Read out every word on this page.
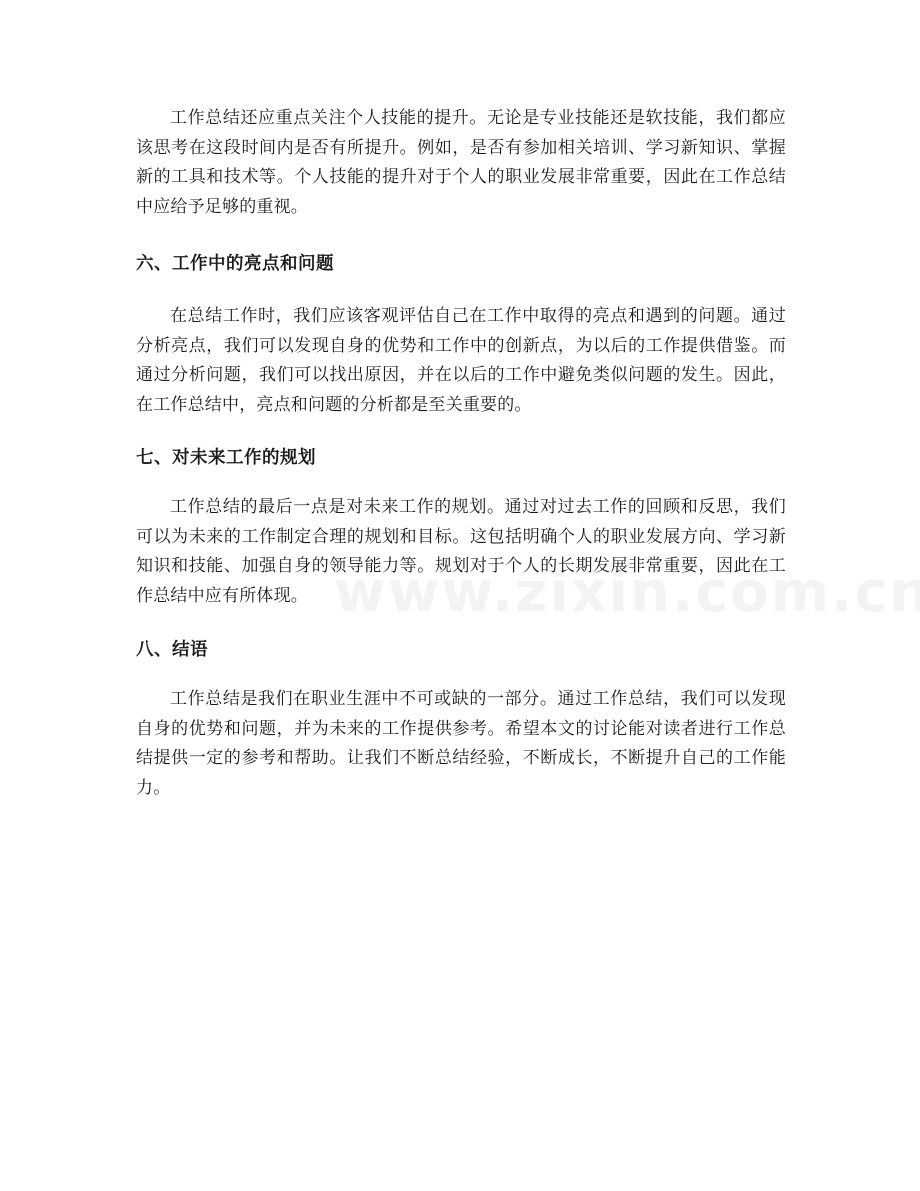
工作总结还应重点关注个人技能的提升。无论是专业技能还是软技能，我们都应该思考在这段时间内是否有所提升。例如，是否有参加相关培训、学习新知识、掌握新的工具和技术等。个人技能的提升对于个人的职业发展非常重要，因此在工作总结中应给予足够的重视。

六、工作中的亮点和问题

在总结工作时，我们应该客观评估自己在工作中取得的亮点和遇到的问题。通过分析亮点，我们可以发现自身的优势和工作中的创新点，为以后的工作提供借鉴。而通过分析问题，我们可以找出原因，并在以后的工作中避免类似问题的发生。因此，在工作总结中，亮点和问题的分析都是至关重要的。

七、对未来工作的规划

工作总结的最后一点是对未来工作的规划。通过对过去工作的回顾和反思，我们可以为未来的工作制定合理的规划和目标。这包括明确个人的职业发展方向、学习新知识和技能、加强自身的领导能力等。规划对于个人的长期发展非常重要，因此在工作总结中应有所体现。

八、结语

工作总结是我们在职业生涯中不可或缺的一部分。通过工作总结，我们可以发现自身的优势和问题，并为未来的工作提供参考。希望本文的讨论能对读者进行工作总结提供一定的参考和帮助。让我们不断总结经验，不断成长，不断提升自己的工作能力。
